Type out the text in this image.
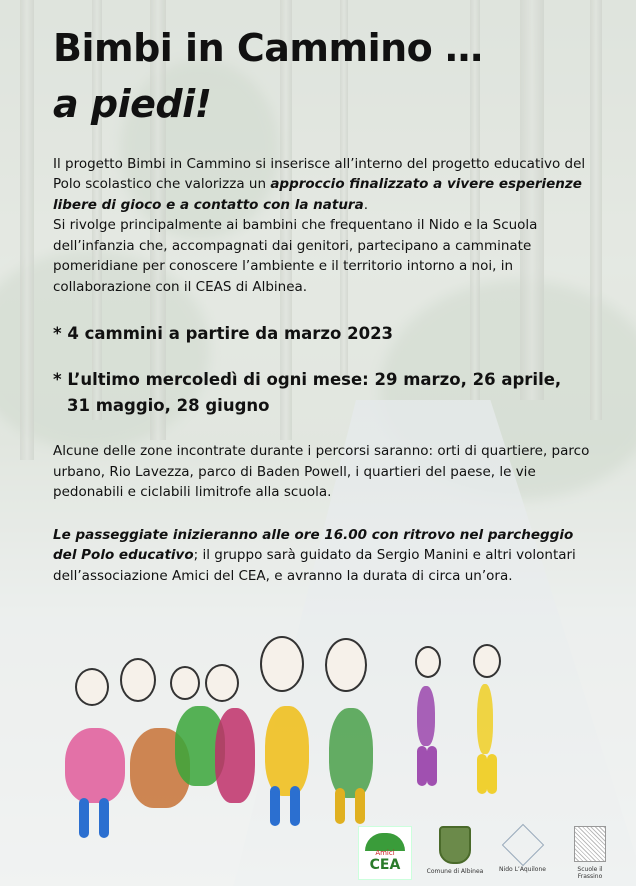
Bimbi in Cammino …
a piedi!

Il progetto Bimbi in Cammino si inserisce all’interno del progetto educativo del Polo scolastico che valorizza un approccio finalizzato a vivere esperienze libere di gioco e a contatto con la natura.
Si rivolge principalmente ai bambini che frequentano il Nido e la Scuola dell’infanzia che, accompagnati dai genitori, partecipano a camminate pomeridiane per conoscere l’ambiente e il territorio intorno a noi, in collaborazione con il CEAS di Albinea.

* 4 cammini a partire da marzo 2023

* L’ultimo mercoledì di ogni mese: 29 marzo, 26 aprile,
31 maggio, 28 giugno

Alcune delle zone incontrate durante i percorsi saranno: orti di quartiere, parco urbano, Rio Lavezza, parco di Baden Powell, i quartieri del paese, le vie pedonabili e ciclabili limitrofe alla scuola.

Le passeggiate inizieranno alle ore 16.00 con ritrovo nel parcheggio del Polo educativo; il gruppo sarà guidato da Sergio Manini e altri volontari dell’associazione Amici del CEA, e avranno la durata di circa un’ora.

Amici
CEA	Comune di Albinea	Nido L’Aquilone	Scuole il Frassino
